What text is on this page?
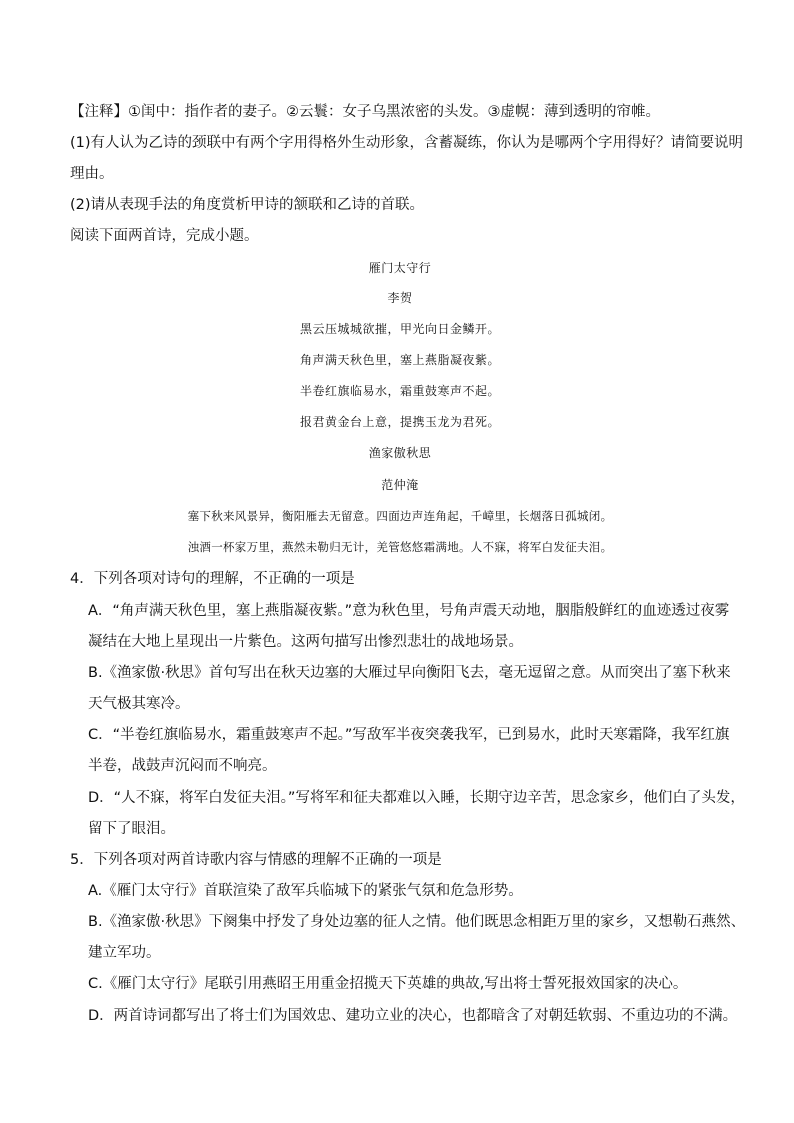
【注释】①闺中：指作者的妻子。②云鬟：女子乌黑浓密的头发。③虚幌：薄到透明的帘帷。
(1)有人认为乙诗的颈联中有两个字用得格外生动形象，含蓄凝练，你认为是哪两个字用得好？请简要说明
理由。
(2)请从表现手法的角度赏析甲诗的颔联和乙诗的首联。
阅读下面两首诗，完成小题。
雁门太守行
李贺
黑云压城城欲摧，甲光向日金鳞开。
角声满天秋色里，塞上燕脂凝夜紫。
半卷红旗临易水，霜重鼓寒声不起。
报君黄金台上意，提携玉龙为君死。
渔家傲秋思
范仲淹
塞下秋来风景异，衡阳雁去无留意。四面边声连角起，千嶂里，长烟落日孤城闭。
浊酒一杯家万里，燕然未勒归无计，羌管悠悠霜满地。人不寐，将军白发征夫泪。
4．下列各项对诗句的理解，不正确的一项是
A．“角声满天秋色里，塞上燕脂凝夜紫。”意为秋色里，号角声震天动地，胭脂般鲜红的血迹透过夜雾
凝结在大地上星现出一片紫色。这两句描写出惨烈悲壮的战地场景。
B.《渔家傲·秋思》首句写出在秋天边塞的大雁过早向衡阳飞去，毫无逗留之意。从而突出了塞下秋来
天气极其寒冷。
C．“半卷红旗临易水，霜重鼓寒声不起。”写敌军半夜突袭我军，已到易水，此时天寒霜降，我军红旗
半卷，战鼓声沉闷而不响亮。
D．“人不寐，将军白发征夫泪。”写将军和征夫都难以入睡，长期守边辛苦，思念家乡，他们白了头发，
留下了眼泪。
5．下列各项对两首诗歌内容与情感的理解不正确的一项是
A.《雁门太守行》首联渲染了敌军兵临城下的紧张气氛和危急形势。
B.《渔家傲·秋思》下阕集中抒发了身处边塞的征人之情。他们既思念相距万里的家乡，又想勒石燕然、
建立军功。
C.《雁门太守行》尾联引用燕昭王用重金招揽天下英雄的典故,写出将士誓死报效国家的决心。
D．两首诗词都写出了将士们为国效忠、建功立业的决心，也都暗含了对朝廷软弱、不重边功的不满。
